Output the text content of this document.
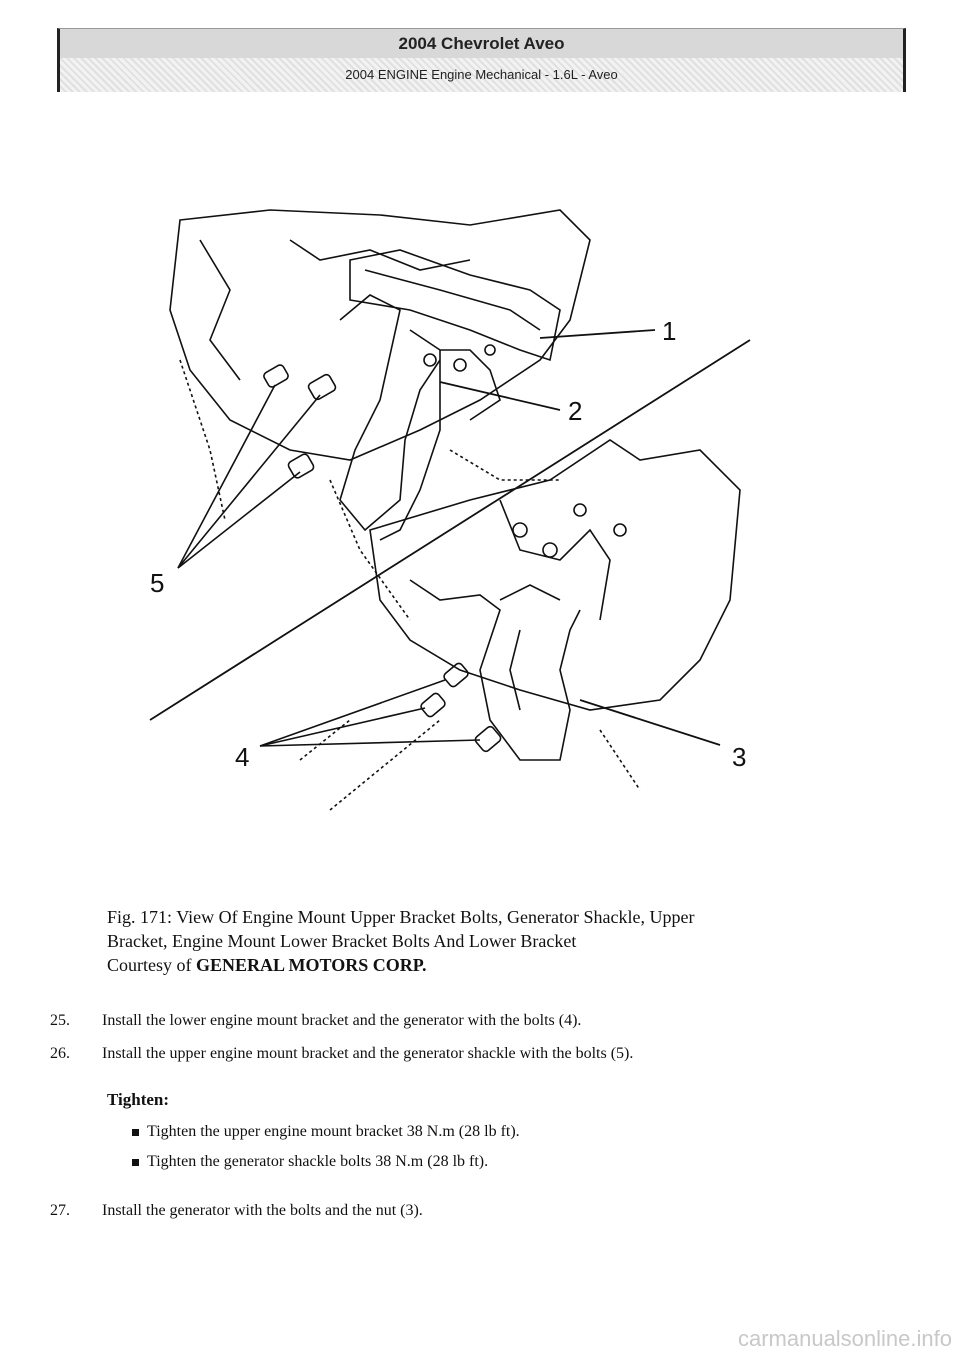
2004 Chevrolet Aveo
2004 ENGINE Engine Mechanical - 1.6L - Aveo
1
2
3
4
5
Fig. 171: View Of Engine Mount Upper Bracket Bolts, Generator Shackle, Upper
Bracket, Engine Mount Lower Bracket Bolts And Lower Bracket
Courtesy of GENERAL MOTORS CORP.
25. Install the lower engine mount bracket and the generator with the bolts (4).
26. Install the upper engine mount bracket and the generator shackle with the bolts (5).
Tighten:
Tighten the upper engine mount bracket 38 N.m (28 lb ft).
Tighten the generator shackle bolts 38 N.m (28 lb ft).
27. Install the generator with the bolts and the nut (3).
carmanualsonline.info
